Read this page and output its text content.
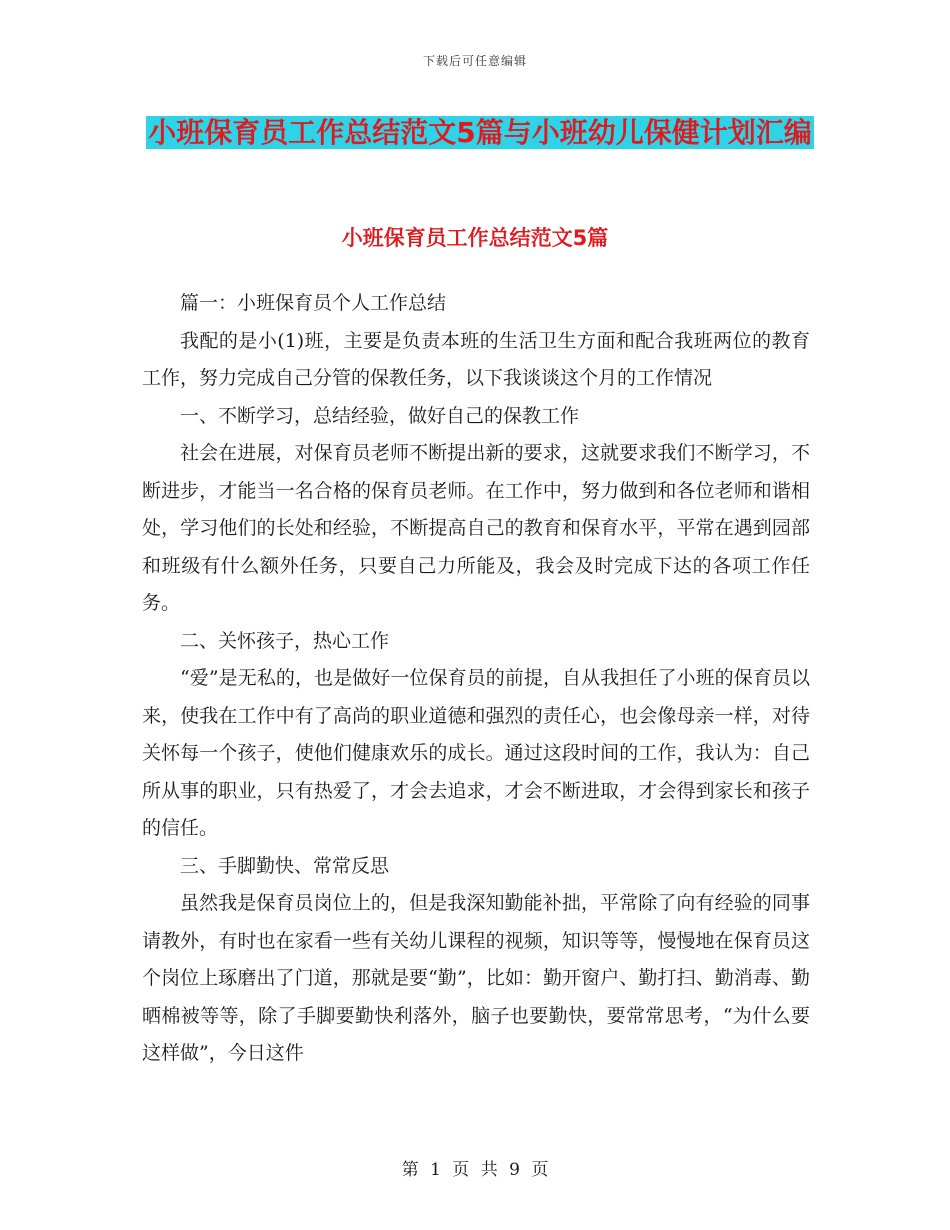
下载后可任意编辑
小班保育员工作总结范文5篇与小班幼儿保健计划汇编
小班保育员工作总结范文5篇

篇一：小班保育员个人工作总结

我配的是小(1)班，主要是负责本班的生活卫生方面和配合我班两位的教育工作，努力完成自己分管的保教任务，以下我谈谈这个月的工作情况

一、不断学习，总结经验，做好自己的保教工作

社会在进展，对保育员老师不断提出新的要求，这就要求我们不断学习，不断进步，才能当一名合格的保育员老师。在工作中，努力做到和各位老师和谐相处，学习他们的长处和经验，不断提高自己的教育和保育水平，平常在遇到园部和班级有什么额外任务，只要自己力所能及，我会及时完成下达的各项工作任务。

二、关怀孩子，热心工作

“爱”是无私的，也是做好一位保育员的前提，自从我担任了小班的保育员以来，使我在工作中有了高尚的职业道德和强烈的责任心，也会像母亲一样，对待关怀每一个孩子，使他们健康欢乐的成长。通过这段时间的工作，我认为：自己所从事的职业，只有热爱了，才会去追求，才会不断进取，才会得到家长和孩子的信任。

三、手脚勤快、常常反思

虽然我是保育员岗位上的，但是我深知勤能补拙，平常除了向有经验的同事请教外，有时也在家看一些有关幼儿课程的视频，知识等等，慢慢地在保育员这个岗位上琢磨出了门道，那就是要“勤”，比如：勤开窗户、勤打扫、勤消毒、勤晒棉被等等，除了手脚要勤快利落外，脑子也要勤快，要常常思考，“为什么要这样做”，今日这件

第 1 页 共 9 页
